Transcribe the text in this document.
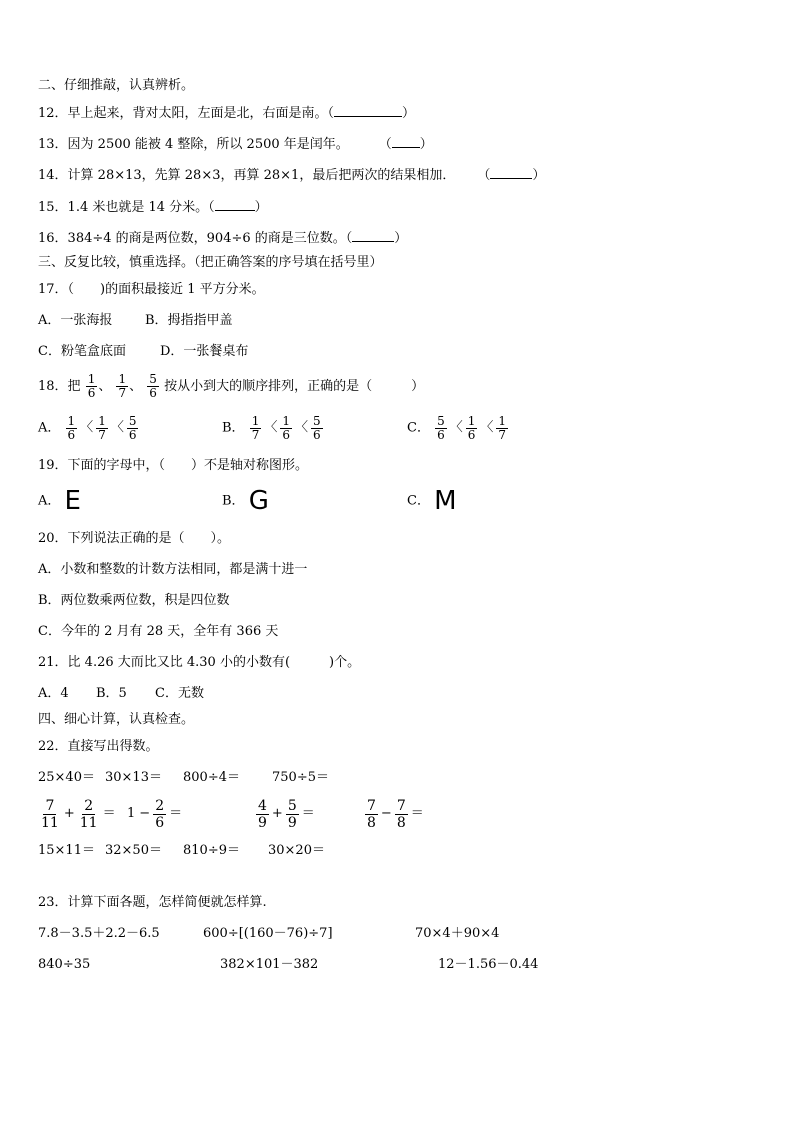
二、仔细推敲，认真辨析。
12．早上起来，背对太阳，左面是北，右面是南。（	）
13．因为 2500 能被 4 整除，所以 2500 年是闰年。 （ ）
14．计算 28×13，先算 28×3，再算 28×1，最后把两次的结果相加． （	）
15．1.4 米也就是 14 分米。（	）
16．384÷4 的商是两位数，904÷6 的商是三位数。（	）
三、反复比较，慎重选择。（把正确答案的序号填在括号里）
17．（　　)的面积最接近 1 平方分米。
A．一张海报	B．拇指指甲盖
C．粉笔盒底面	D．一张餐桌布
18．把 $\frac{1}{6}$ 、 $\frac{1}{7}$ 、 $\frac{5}{6}$ 按从小到大的顺序排列，正确的是（　　　）
A． $\frac{1}{6}$ 〈 $\frac{1}{7}$ 〈 $\frac{5}{6}$	B． $\frac{1}{7}$ 〈 $\frac{1}{6}$ 〈 $\frac{5}{6}$	C． $\frac{5}{6}$ 〈 $\frac{1}{6}$ 〈 $\frac{1}{7}$
19．下面的字母中，（　　）不是轴对称图形。
A． E	B． G	C． M
20．下列说法正确的是（　　）。
A．小数和整数的计数方法相同，都是满十进一
B．两位数乘两位数，积是四位数
C．今年的 2 月有 28 天，全年有 366 天
21．比 4.26 大而比又比 4.30 小的小数有(　　　)个。
A．4 B．5 C．无数
四、细心计算，认真检查。
22．直接写出得数。
25×40＝ 30×13＝ 800÷4＝ 750÷5＝
$\frac{7}{11} + \frac{2}{11} = 1 - \frac{2}{6}$ ＝	$\frac{4}{9} + \frac{5}{9}$ ＝	$\frac{7}{8} - \frac{7}{8}$ ＝
15×11＝ 32×50＝ 810÷9＝ 30×20＝
23．计算下面各题，怎样简便就怎样算.
7.8－3.5＋2.2－6.5	600÷[(160－76)÷7]	70×4＋90×4
840÷35	382×101－382	12－1.56－0.44
